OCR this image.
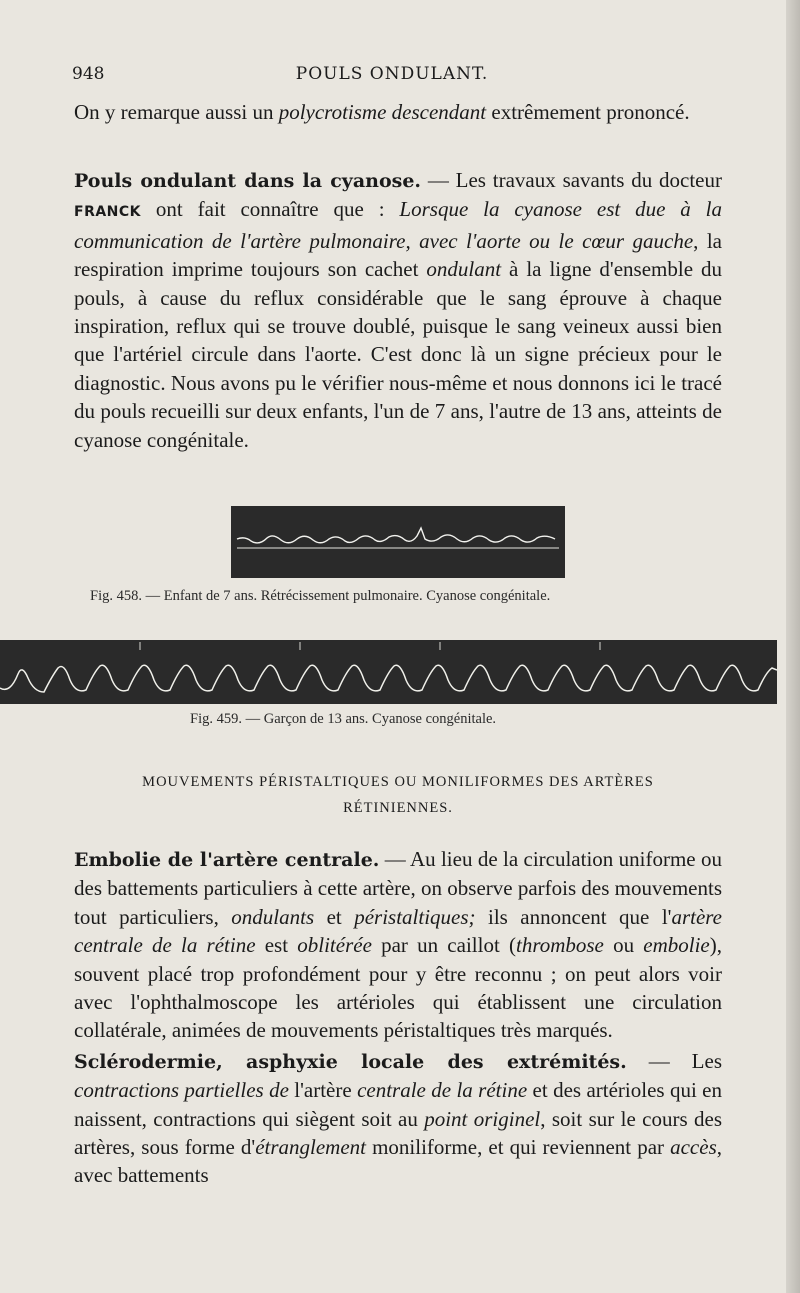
948	POULS ONDULANT.

On y remarque aussi un polycrotisme descendant extrêmement prononcé.

Pouls ondulant dans la cyanose. — Les travaux savants du docteur FRANCK ont fait connaître que : Lorsque la cyanose est due à la communication de l'artère pulmonaire, avec l'aorte ou le cœur gauche, la respiration imprime toujours son cachet ondulant à la ligne d'ensemble du pouls, à cause du reflux considérable que le sang éprouve à chaque inspiration, reflux qui se trouve doublé, puisque le sang veineux aussi bien que l'artériel circule dans l'aorte. C'est donc là un signe précieux pour le diagnostic. Nous avons pu le vérifier nous-même et nous donnons ici le tracé du pouls recueilli sur deux enfants, l'un de 7 ans, l'autre de 13 ans, atteints de cyanose congénitale.

Fig. 458. — Enfant de 7 ans. Rétrécissement pulmonaire. Cyanose congénitale.
Fig. 459. — Garçon de 13 ans. Cyanose congénitale.
MOUVEMENTS PÉRISTALTIQUES OU MONILIFORMES DES ARTÈRES
RÉTINIENNES.

Embolie de l'artère centrale. — Au lieu de la circulation uniforme ou des battements particuliers à cette artère, on observe parfois des mouvements tout particuliers, ondulants et péristaltiques; ils annoncent que l'artère centrale de la rétine est oblitérée par un caillot (thrombose ou embolie), souvent placé trop profondément pour y être reconnu ; on peut alors voir avec l'ophthalmoscope les artérioles qui établissent une circulation collatérale, animées de mouvements péristaltiques très marqués.

Sclérodermie, asphyxie locale des extrémités. — Les contractions partielles de l'artère centrale de la rétine et des artérioles qui en naissent, contractions qui siègent soit au point originel, soit sur le cours des artères, sous forme d'étranglement moniliforme, et qui reviennent par accès, avec battements
